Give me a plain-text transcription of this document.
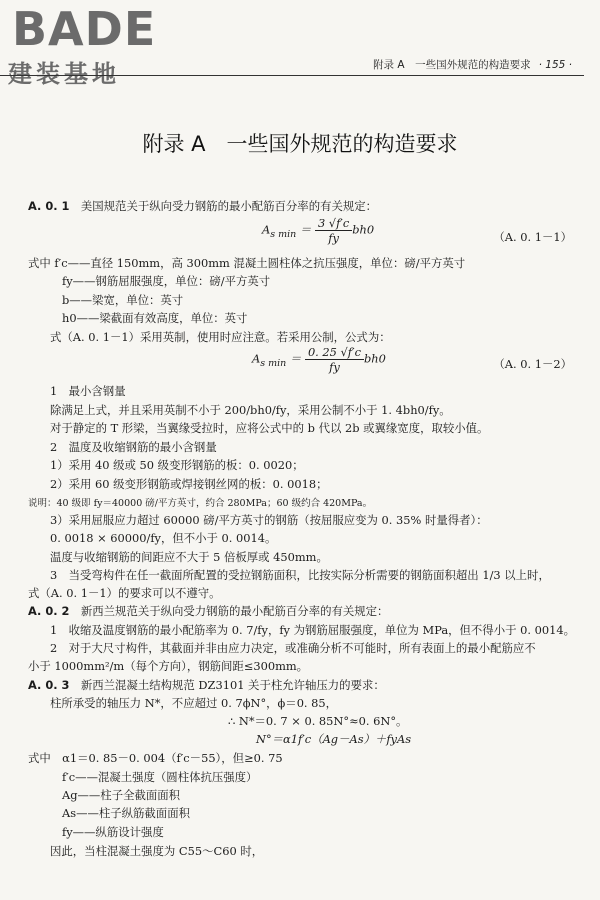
BADE
建装基地	附录 A　一些国外规范的构造要求 · 155 ·
附录 A　一些国外规范的构造要求
A. 0. 1　 美国规范关于纵向受力钢筋的最小配筋百分率的有关规定：
$A_{s min} = \frac{3 √f'c}{fy} bh0$
（A. 0. 1－1）
式中 f′c——直径 150mm，高 300mm 混凝土圆柱体之抗压强度，单位：磅/平方英寸
fy——钢筋屈服强度，单位：磅/平方英寸
b——梁宽，单位：英寸
h0——梁截面有效高度，单位：英寸
式（A. 0. 1－1）采用英制，使用时应注意。若采用公制，公式为：
$A_{s min} = \frac{0. 25 √f'c}{fy} bh0$	（A. 0. 1－2）
1　最小含钢量
除满足上式，并且采用英制不小于 200/bh0/fy，采用公制不小于 1. 4bh0/fy。
对于静定的 T 形梁，当翼缘受拉时，应将公式中的 b 代以 2b 或翼缘宽度，取较小值。
2　温度及收缩钢筋的最小含钢量
1）采用 40 级或 50 级变形钢筋的板：0. 0020；
2）采用 60 级变形钢筋或焊接钢丝网的板：0. 0018；
说明：40 级即 fy＝40000 磅/平方英寸，约合 280MPa；60 级约合 420MPa。
3）采用屈服应力超过 60000 磅/平方英寸的钢筋（按屈服应变为 0. 35% 时量得者）：
0. 0018 × 60000/fy，但不小于 0. 0014。
温度与收缩钢筋的间距应不大于 5 倍板厚或 450mm。
3　当受弯构件在任一截面所配置的受拉钢筋面积，比按实际分析需要的钢筋面积超出 1/3 以上时，
式（A. 0. 1－1）的要求可以不遵守。
A. 0. 2　 新西兰规范关于纵向受力钢筋的最小配筋百分率的有关规定：
1　收缩及温度钢筋的最小配筋率为 0. 7/fy，fy 为钢筋屈服强度，单位为 MPa，但不得小于 0. 0014。
2　对于大尺寸构件，其截面并非由应力决定，或准确分析不可能时，所有表面上的最小配筋应不
小于 1000mm²/m（每个方向），钢筋间距≤300mm。
A. 0. 3　 新西兰混凝土结构规范 DZ3101 关于柱允许轴压力的要求：
柱所承受的轴压力 N*，不应超过 0. 7ϕN°，ϕ＝0. 85，
∴ N*＝0. 7 × 0. 85N°≈0. 6N°。
N°＝α1f′c（Ag－As）＋fyAs
式中　α1＝0. 85－0. 004（f′c－55），但≥0. 75
f′c——混凝土强度（圆柱体抗压强度）
Ag——柱子全截面面积
As——柱子纵筋截面面积
fy——纵筋设计强度
因此，当柱混凝土强度为 C55～C60 时，
